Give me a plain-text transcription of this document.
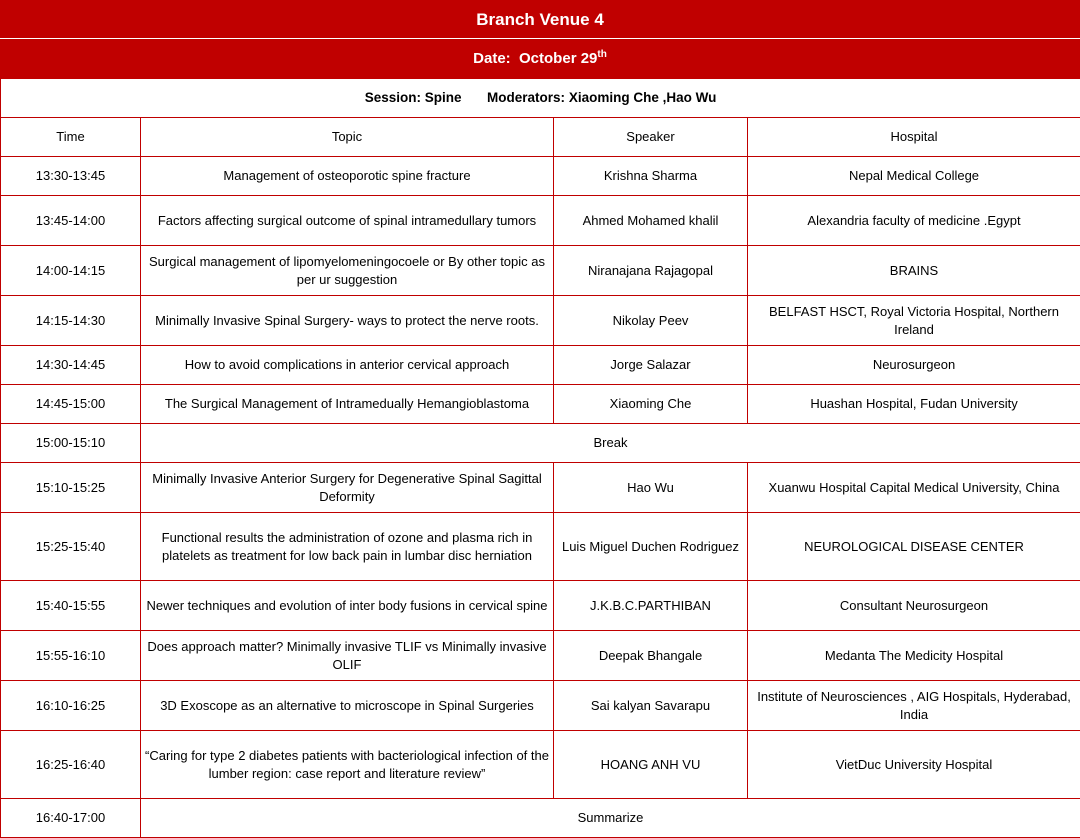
Branch Venue 4
Date: October 29th
Session: Spine Moderators: Xiaoming Che ,Hao Wu			
Time	Topic	Speaker	Hospital
13:30-13:45	Management of osteoporotic spine fracture	Krishna Sharma	Nepal Medical College
13:45-14:00	Factors affecting surgical outcome of spinal intramedullary tumors	Ahmed Mohamed khalil	Alexandria faculty of medicine .Egypt
14:00-14:15	Surgical management of lipomyelomeningocoele or By other topic as per ur suggestion	Niranajana Rajagopal	BRAINS
14:15-14:30	Minimally Invasive Spinal Surgery- ways to protect the nerve roots.	Nikolay Peev	BELFAST HSCT, Royal Victoria Hospital, Northern Ireland
14:30-14:45	How to avoid complications in anterior cervical approach	Jorge Salazar	Neurosurgeon
14:45-15:00	The Surgical Management of Intramedually Hemangioblastoma	Xiaoming Che	Huashan Hospital, Fudan University
15:00-15:10	Break		
15:10-15:25	Minimally Invasive Anterior Surgery for Degenerative Spinal Sagittal Deformity	Hao Wu	Xuanwu Hospital Capital Medical University, China
15:25-15:40	Functional results the administration of ozone and plasma rich in platelets as treatment for low back pain in lumbar disc herniation	Luis Miguel Duchen Rodriguez	NEUROLOGICAL DISEASE CENTER
15:40-15:55	Newer techniques and evolution of inter body fusions in cervical spine	J.K.B.C.PARTHIBAN	Consultant Neurosurgeon
15:55-16:10	Does approach matter? Minimally invasive TLIF vs Minimally invasive OLIF	Deepak Bhangale	Medanta The Medicity Hospital
16:10-16:25	3D Exoscope as an alternative to microscope in Spinal Surgeries	Sai kalyan Savarapu	Institute of Neurosciences , AIG Hospitals, Hyderabad, India
16:25-16:40	“Caring for type 2 diabetes patients with bacteriological infection of the lumber region: case report and literature review”	HOANG ANH VU	VietDuc University Hospital
16:40-17:00	Summarize		
